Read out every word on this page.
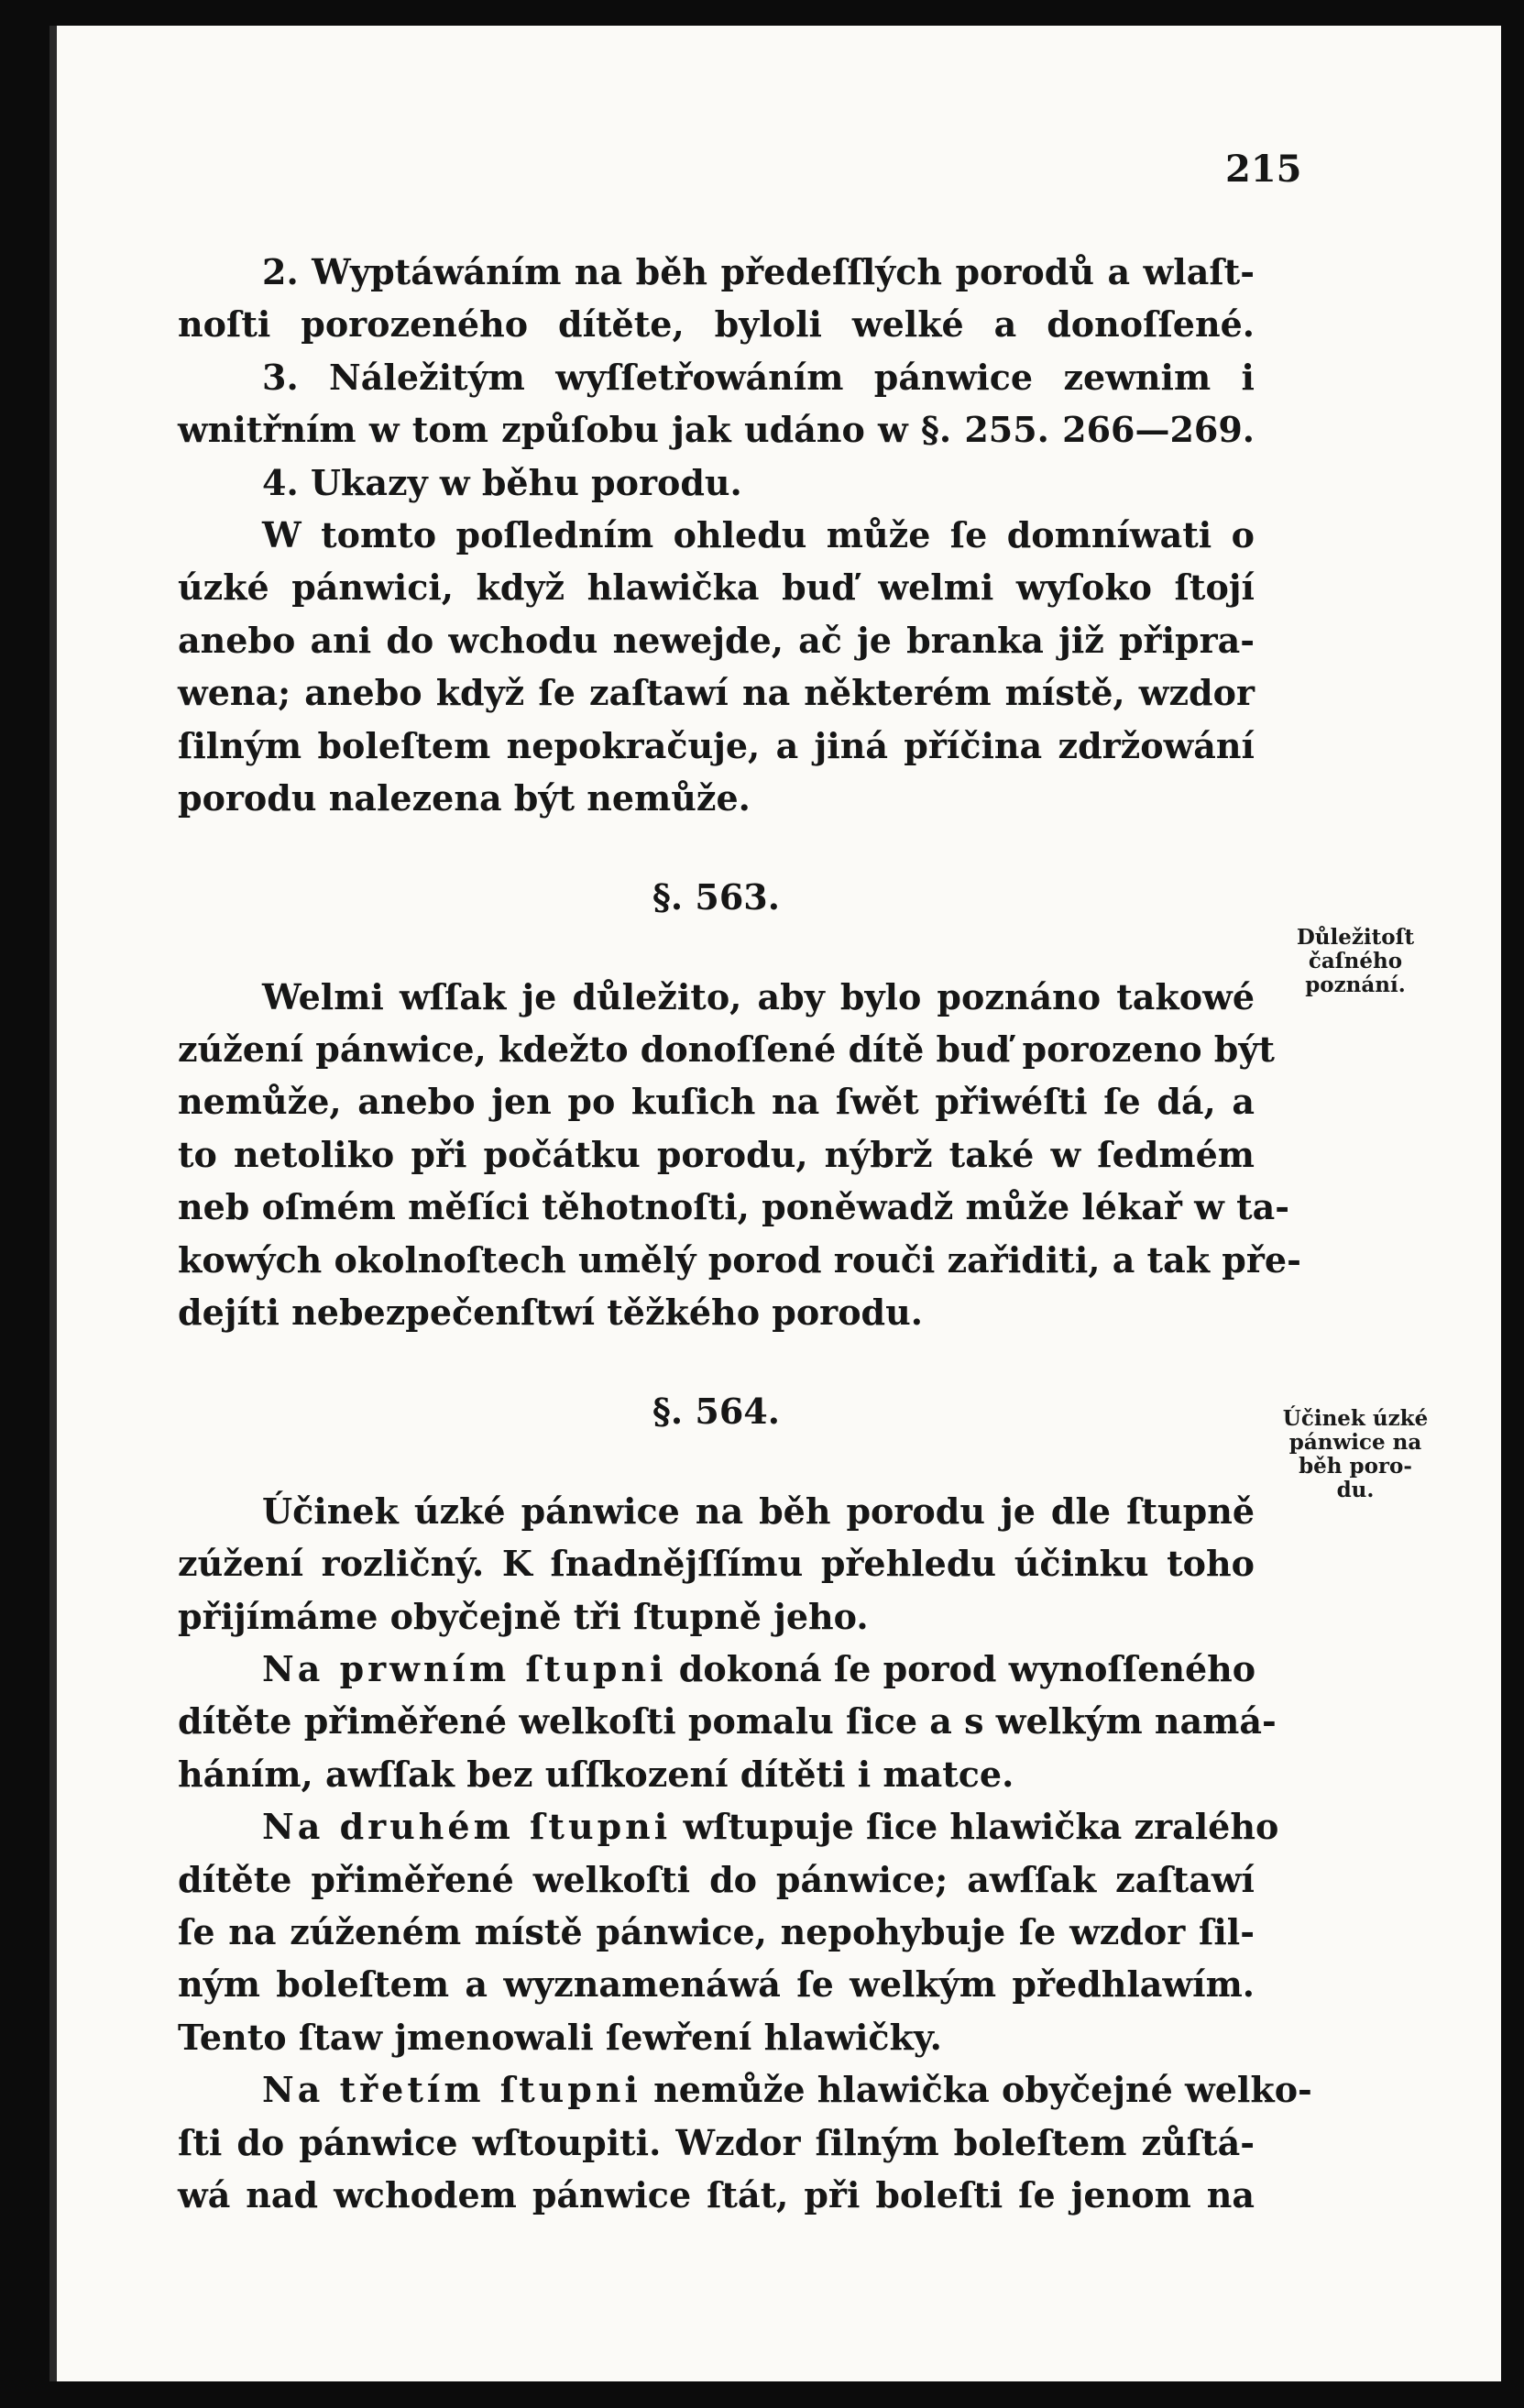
215
2. Wyptáwáním na běh předeſſlých porodů a wlaſt-
noſti porozeného dítěte, byloli welké a donoſſené.
3. Náležitým wyſſetřowáním pánwice zewnim i
wnitřním w tom způſobu jak udáno w §. 255. 266—269.
4. Ukazy w běhu porodu.
W tomto poſledním ohledu může ſe domníwati o
úzké pánwici, když hlawička buď welmi wyſoko ſtojí
anebo ani do wchodu newejde, ač je branka již připra-
wena; anebo když ſe zaſtawí na některém místě, wzdor
ſilným boleſtem nepokračuje, a jiná příčina zdržowání
porodu nalezena být nemůže.
§. 563.
Welmi wſſak je důležito, aby bylo poznáno takowé
zúžení pánwice, kdežto donoſſené dítě buď porozeno být
nemůže, anebo jen po kuſich na ſwět přiwéſti ſe dá, a
to netoliko při počátku porodu, nýbrž také w ſedmém
neb oſmém měſíci těhotnoſti, poněwadž může lékař w ta-
kowých okolnoſtech umělý porod rouči zařiditi, a tak pře-
dejíti nebezpečenſtwí těžkého porodu.
§. 564.
Účinek úzké pánwice na běh porodu je dle ſtupně
zúžení rozličný. K ſnadnějſſímu přehledu účinku toho
přijímáme obyčejně tři ſtupně jeho.
Na prwním ſtupni dokoná ſe porod wynoſſeného
dítěte přiměřené welkoſti pomalu ſice a s welkým namá-
háním, awſſak bez uſſkození dítěti i matce.
Na druhém ſtupni wſtupuje ſice hlawička zralého
dítěte přiměřené welkoſti do pánwice; awſſak zaſtawí
ſe na zúženém místě pánwice, nepohybuje ſe wzdor ſil-
ným boleſtem a wyznamenáwá ſe welkým předhlawím.
Tento ſtaw jmenowali ſewření hlawičky.
Na třetím ſtupni nemůže hlawička obyčejné welko-
ſti do pánwice wſtoupiti. Wzdor ſilným boleſtem zůſtá-
wá nad wchodem pánwice ſtát, při boleſti ſe jenom na
Důležitoſt
čaſného
poznání.
Účinek úzké
pánwice na
běh poro-
du.
